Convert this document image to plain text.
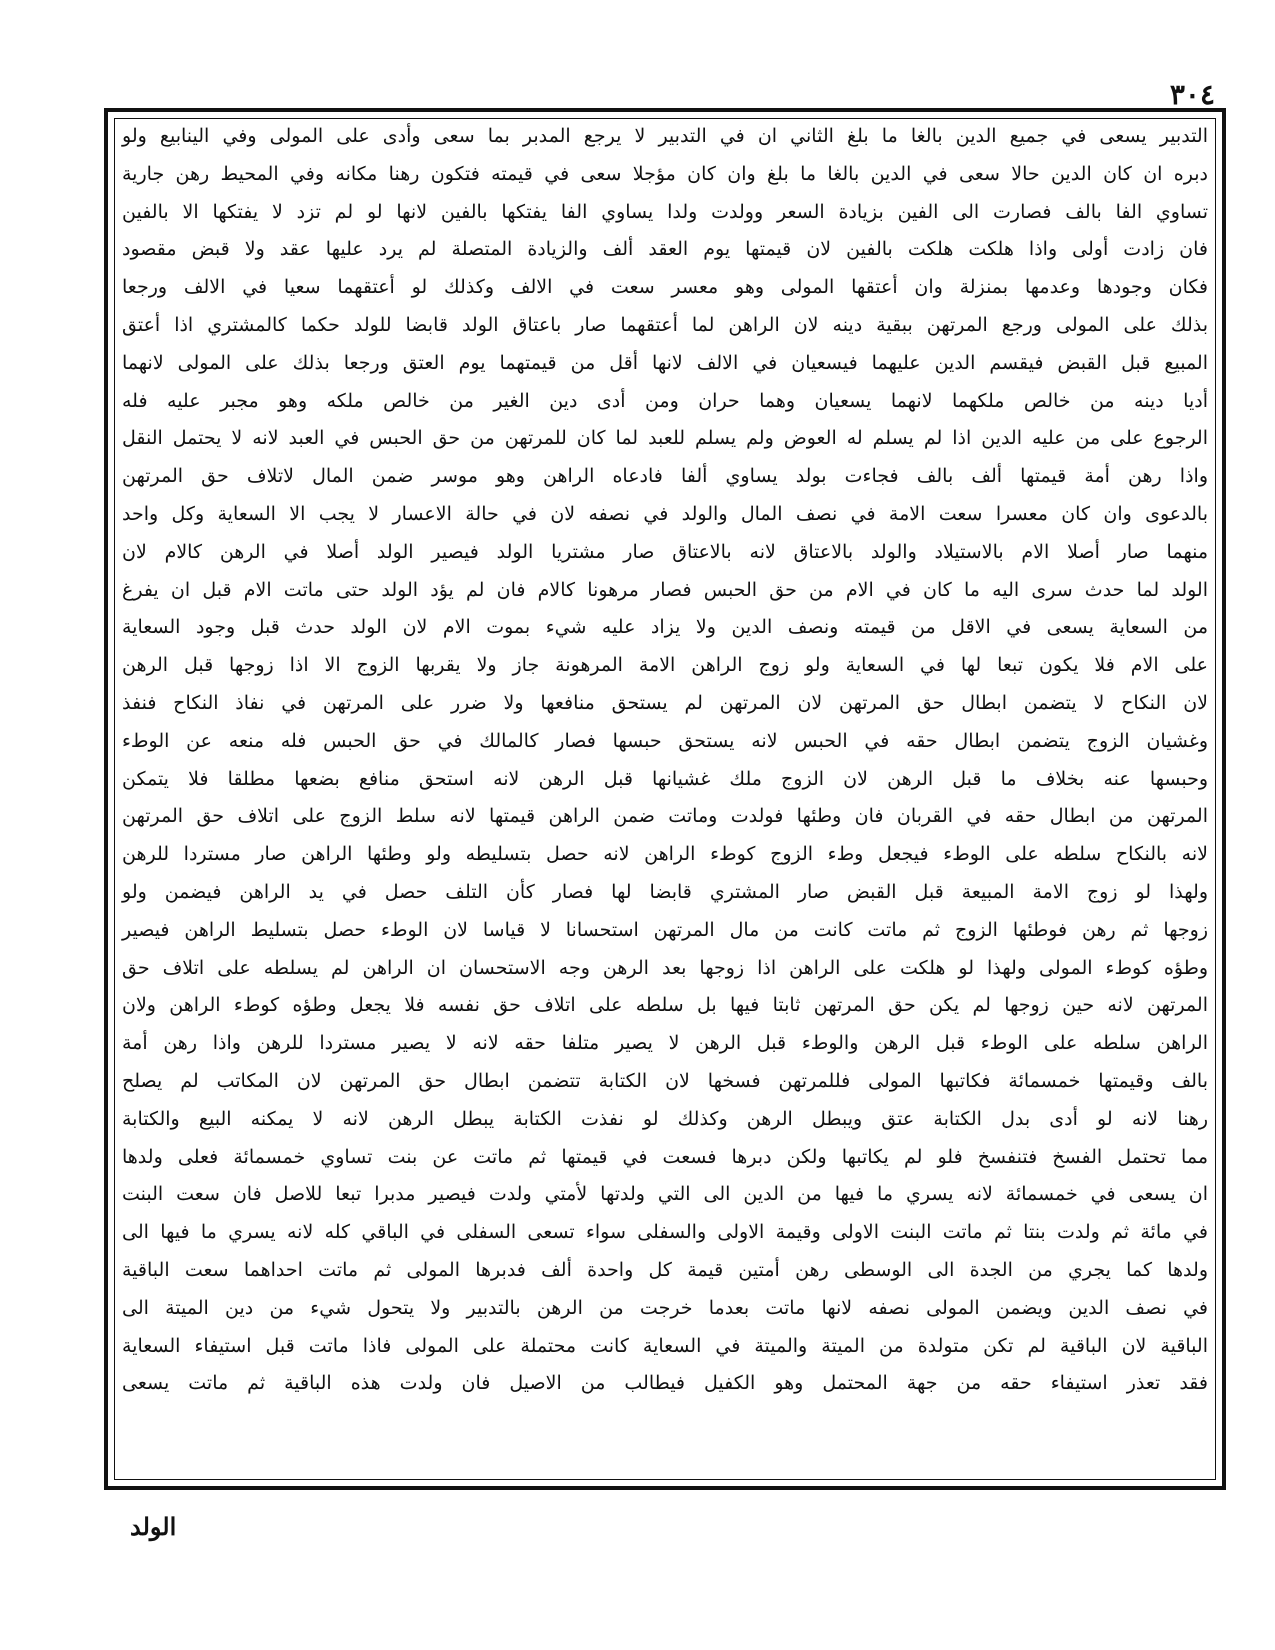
٣٠٤
التدبير يسعى في جميع الدين بالغا ما بلغ الثاني ان في التدبير لا يرجع المدبر بما سعى وأدى على المولى وفي الينابيع ولو
دبره ان كان الدين حالا سعى في الدين بالغا ما بلغ وان كان مؤجلا سعى في قيمته فتكون رهنا مكانه وفي المحيط رهن جارية
تساوي الفا بالف فصارت الى الفين بزيادة السعر وولدت ولدا يساوي الفا يفتكها بالفين لانها لو لم تزد لا يفتكها الا بالفين
فان زادت أولى واذا هلكت هلكت بالفين لان قيمتها يوم العقد ألف والزيادة المتصلة لم يرد عليها عقد ولا قبض مقصود
فكان وجودها وعدمها بمنزلة وان أعتقها المولى وهو معسر سعت في الالف وكذلك لو أعتقهما سعيا في الالف ورجعا
بذلك على المولى ورجع المرتهن ببقية دينه لان الراهن لما أعتقهما صار باعتاق الولد قابضا للولد حكما كالمشتري اذا أعتق
المبيع قبل القبض فيقسم الدين عليهما فيسعيان في الالف لانها أقل من قيمتهما يوم العتق ورجعا بذلك على المولى لانهما
أديا دينه من خالص ملكهما لانهما يسعيان وهما حران ومن أدى دين الغير من خالص ملكه وهو مجبر عليه فله
الرجوع على من عليه الدين اذا لم يسلم له العوض ولم يسلم للعبد لما كان للمرتهن من حق الحبس في العبد لانه لا يحتمل النقل
واذا رهن أمة قيمتها ألف بالف فجاءت بولد يساوي ألفا فادعاه الراهن وهو موسر ضمن المال لاتلاف حق المرتهن
بالدعوى وان كان معسرا سعت الامة في نصف المال والولد في نصفه لان في حالة الاعسار لا يجب الا السعاية وكل واحد
منهما صار أصلا الام بالاستيلاد والولد بالاعتاق لانه بالاعتاق صار مشتريا الولد فيصير الولد أصلا في الرهن كالام لان
الولد لما حدث سرى اليه ما كان في الام من حق الحبس فصار مرهونا كالام فان لم يؤد الولد حتى ماتت الام قبل ان يفرغ
من السعاية يسعى في الاقل من قيمته ونصف الدين ولا يزاد عليه شيء بموت الام لان الولد حدث قبل وجود السعاية
على الام فلا يكون تبعا لها في السعاية ولو زوج الراهن الامة المرهونة جاز ولا يقربها الزوج الا اذا زوجها قبل الرهن
لان النكاح لا يتضمن ابطال حق المرتهن لان المرتهن لم يستحق منافعها ولا ضرر على المرتهن في نفاذ النكاح فنفذ
وغشيان الزوج يتضمن ابطال حقه في الحبس لانه يستحق حبسها فصار كالمالك في حق الحبس فله منعه عن الوطء
وحبسها عنه بخلاف ما قبل الرهن لان الزوج ملك غشيانها قبل الرهن لانه استحق منافع بضعها مطلقا فلا يتمكن
المرتهن من ابطال حقه في القربان فان وطئها فولدت وماتت ضمن الراهن قيمتها لانه سلط الزوج على اتلاف حق المرتهن
لانه بالنكاح سلطه على الوطء فيجعل وطء الزوج كوطء الراهن لانه حصل بتسليطه ولو وطئها الراهن صار مستردا للرهن
ولهذا لو زوج الامة المبيعة قبل القبض صار المشتري قابضا لها فصار كأن التلف حصل في يد الراهن فيضمن ولو
زوجها ثم رهن فوطئها الزوج ثم ماتت كانت من مال المرتهن استحسانا لا قياسا لان الوطء حصل بتسليط الراهن فيصير
وطؤه كوطء المولى ولهذا لو هلكت على الراهن اذا زوجها بعد الرهن وجه الاستحسان ان الراهن لم يسلطه على اتلاف حق
المرتهن لانه حين زوجها لم يكن حق المرتهن ثابتا فيها بل سلطه على اتلاف حق نفسه فلا يجعل وطؤه كوطء الراهن ولان
الراهن سلطه على الوطء قبل الرهن والوطء قبل الرهن لا يصير متلفا حقه لانه لا يصير مستردا للرهن واذا رهن أمة
بالف وقيمتها خمسمائة فكاتبها المولى فللمرتهن فسخها لان الكتابة تتضمن ابطال حق المرتهن لان المكاتب لم يصلح
رهنا لانه لو أدى بدل الكتابة عتق ويبطل الرهن وكذلك لو نفذت الكتابة يبطل الرهن لانه لا يمكنه البيع والكتابة
مما تحتمل الفسخ فتنفسخ فلو لم يكاتبها ولكن دبرها فسعت في قيمتها ثم ماتت عن بنت تساوي خمسمائة فعلى ولدها
ان يسعى في خمسمائة لانه يسري ما فيها من الدين الى التي ولدتها لأمتي ولدت فيصير مدبرا تبعا للاصل فان سعت البنت
في مائة ثم ولدت بنتا ثم ماتت البنت الاولى وقيمة الاولى والسفلى سواء تسعى السفلى في الباقي كله لانه يسري ما فيها الى
ولدها كما يجري من الجدة الى الوسطى رهن أمتين قيمة كل واحدة ألف فدبرها المولى ثم ماتت احداهما سعت الباقية
في نصف الدين ويضمن المولى نصفه لانها ماتت بعدما خرجت من الرهن بالتدبير ولا يتحول شيء من دين الميتة الى
الباقية لان الباقية لم تكن متولدة من الميتة والميتة في السعاية كانت محتملة على المولى فاذا ماتت قبل استيفاء السعاية
فقد تعذر استيفاء حقه من جهة المحتمل وهو الكفيل فيطالب من الاصيل فان ولدت هذه الباقية ثم ماتت يسعى
الولد
